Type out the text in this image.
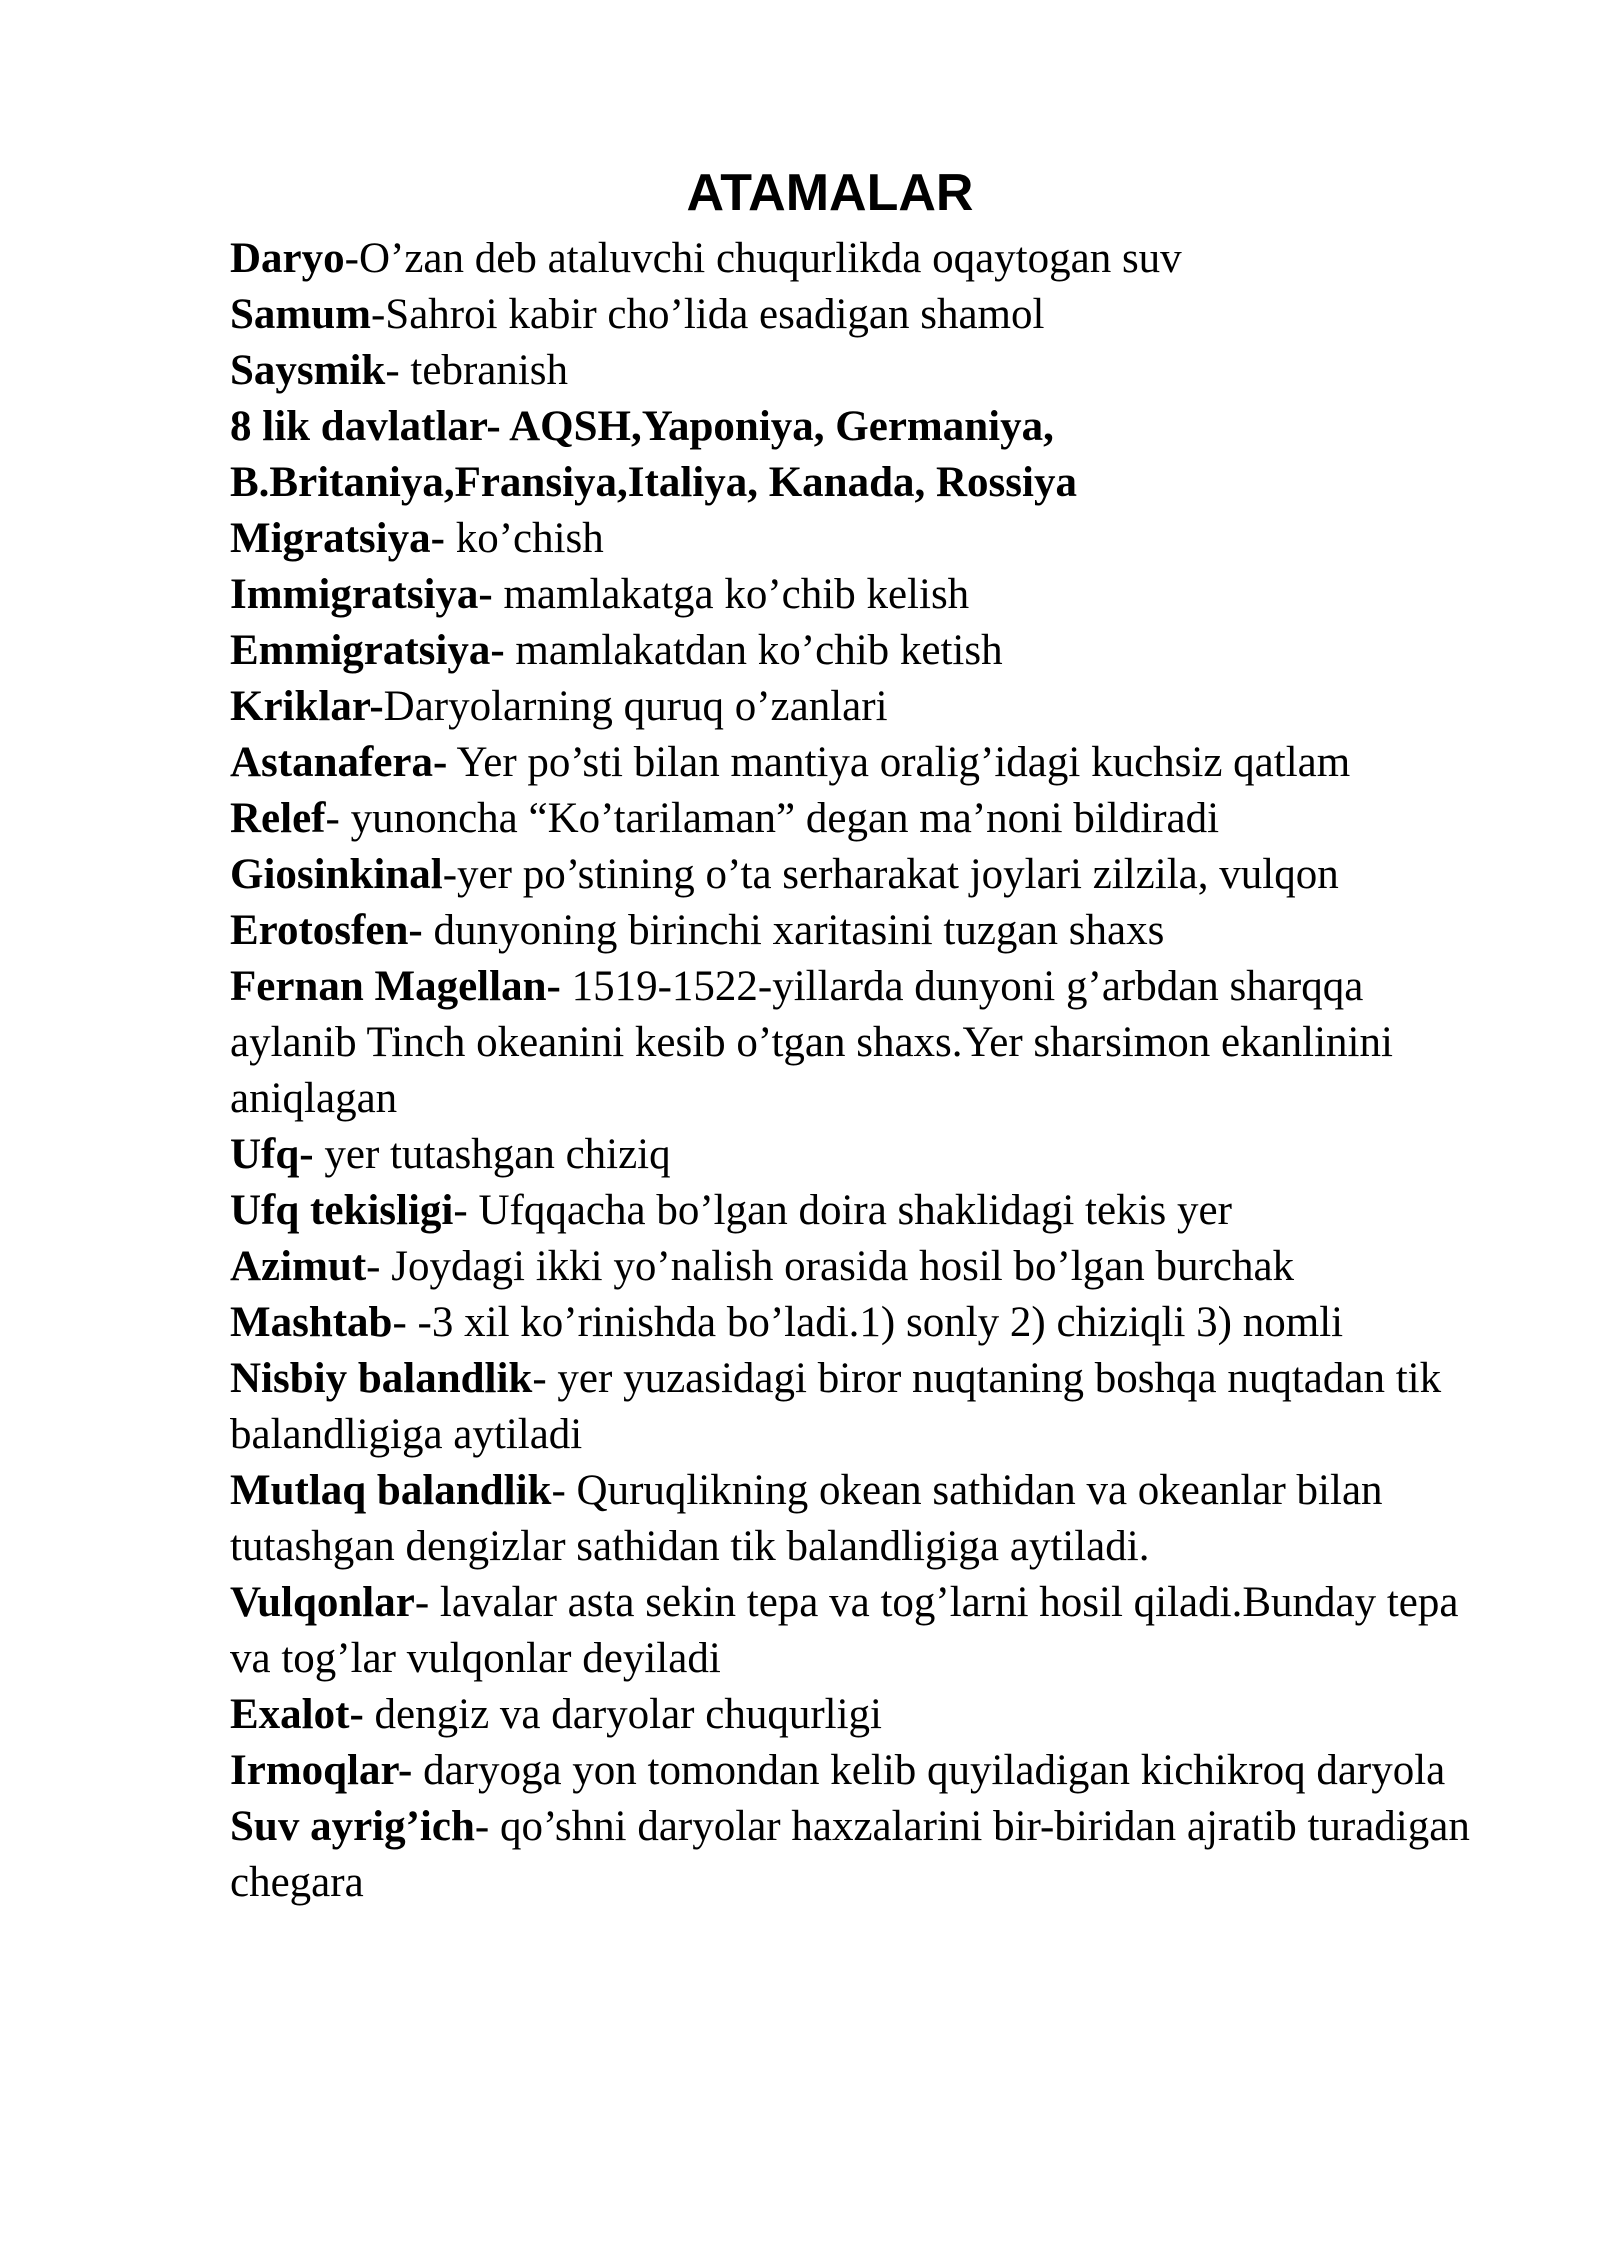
ATAMALAR

Daryo-O’zan deb ataluvchi chuqurlikda oqaytogan suv

Samum-Sahroi kabir cho’lida esadigan shamol

Saysmik- tebranish

8 lik davlatlar- AQSH,Yaponiya, Germaniya, B.Britaniya,Fransiya,Italiya, Kanada, Rossiya

Migratsiya- ko’chish

Immigratsiya- mamlakatga ko’chib kelish

Emmigratsiya- mamlakatdan ko’chib ketish

Kriklar-Daryolarning quruq o’zanlari

Astanafera- Yer po’sti bilan mantiya oralig’idagi kuchsiz qatlam

Relef- yunoncha “Ko’tarilaman” degan ma’noni bildiradi

Giosinkinal-yer po’stining o’ta serharakat joylari zilzila, vulqon

Erotosfen- dunyoning birinchi xaritasini tuzgan shaxs

Fernan Magellan- 1519-1522-yillarda dunyoni g’arbdan sharqqa aylanib Tinch okeanini kesib o’tgan shaxs.Yer sharsimon ekanlinini aniqlagan

Ufq- yer tutashgan chiziq

Ufq tekisligi- Ufqqacha bo’lgan doira shaklidagi tekis yer

Azimut- Joydagi ikki yo’nalish orasida hosil bo’lgan burchak

Mashtab- -3 xil ko’rinishda bo’ladi.1) sonly 2) chiziqli 3) nomli

Nisbiy balandlik- yer yuzasidagi biror nuqtaning boshqa nuqtadan tik balandligiga aytiladi

Mutlaq balandlik- Quruqlikning okean sathidan va okeanlar bilan tutashgan dengizlar sathidan tik balandligiga aytiladi.

Vulqonlar- lavalar asta sekin tepa va tog’larni hosil qiladi.Bunday tepa va tog’lar vulqonlar deyiladi

Exalot- dengiz va daryolar chuqurligi

Irmoqlar- daryoga yon tomondan kelib quyiladigan kichikroq daryola

Suv ayrig’ich- qo’shni daryolar haxzalarini bir-biridan ajratib turadigan chegara
